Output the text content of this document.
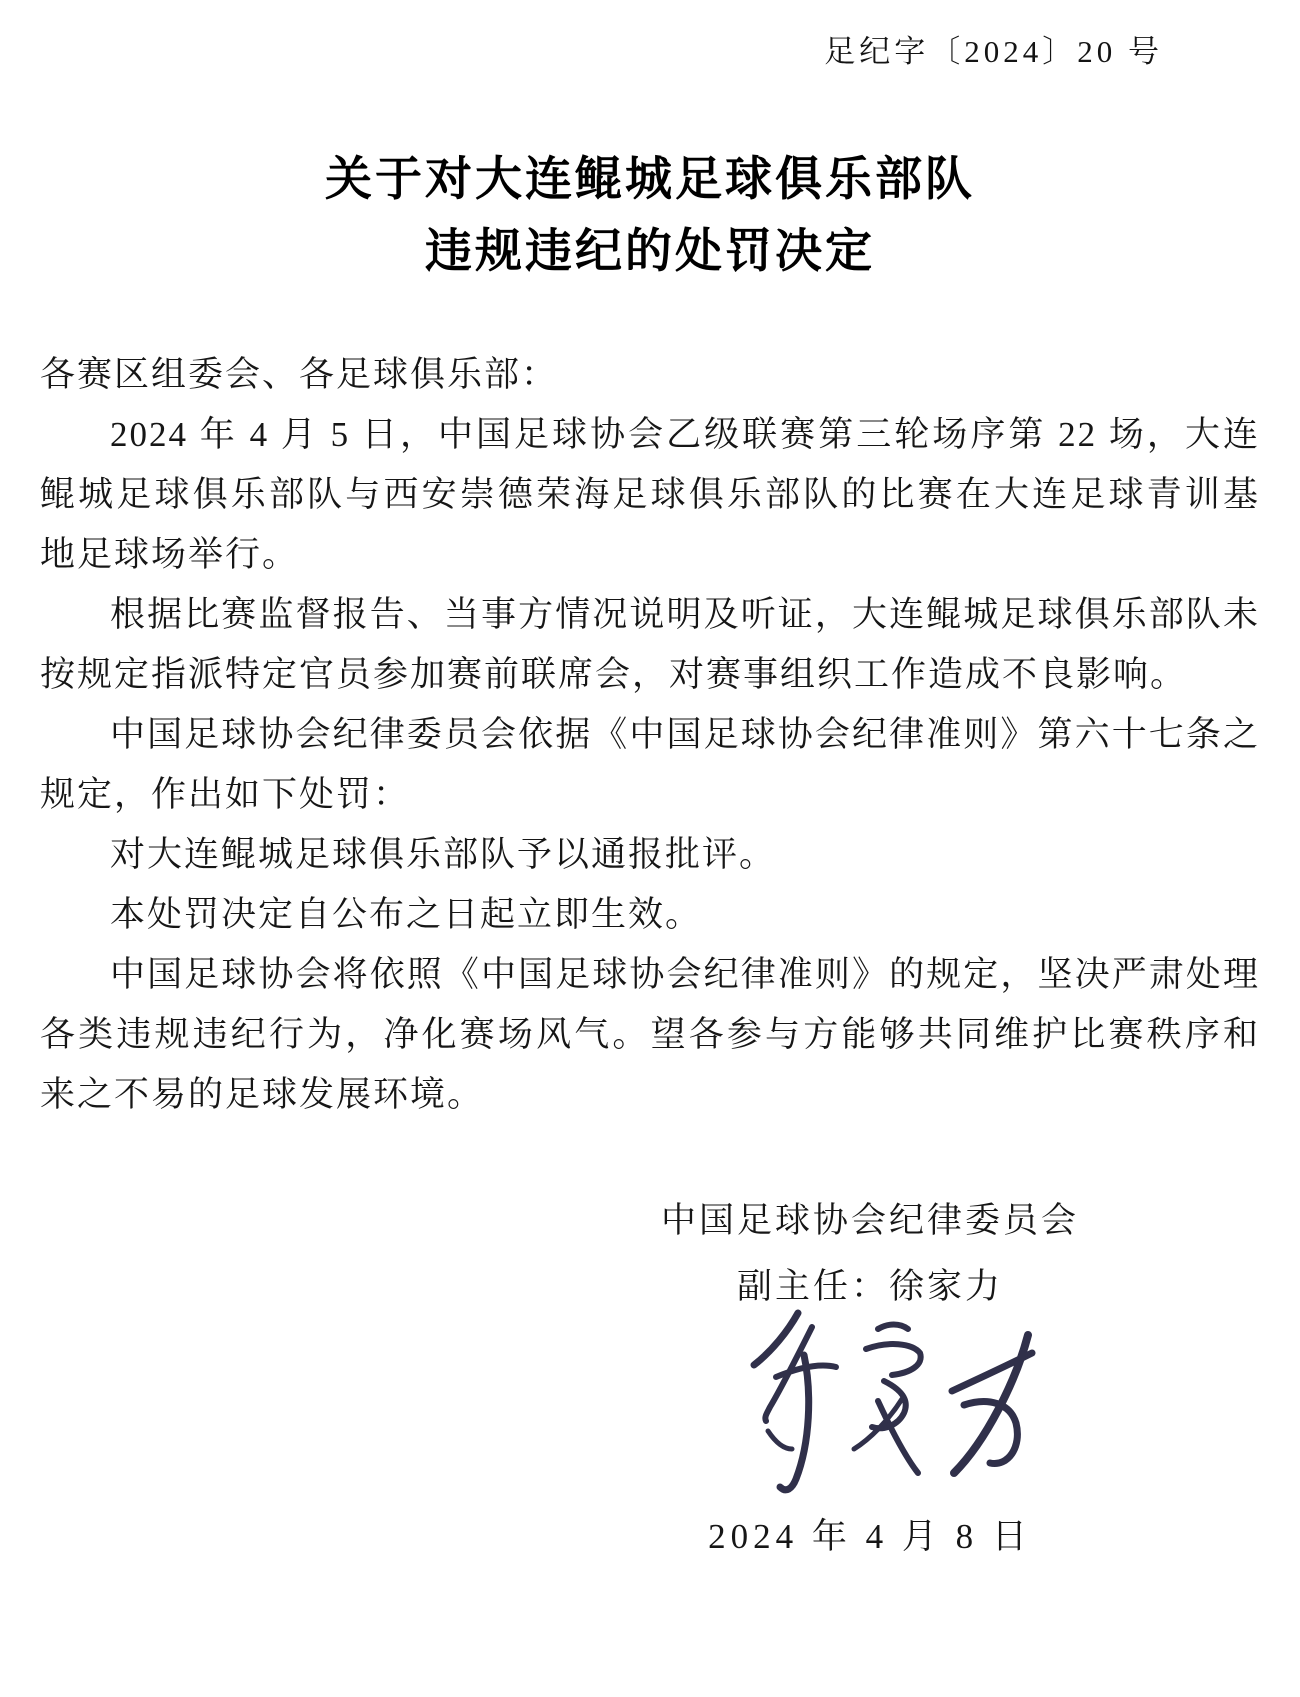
足纪字〔2024〕20 号
关于对大连鲲城足球俱乐部队
违规违纪的处罚决定

各赛区组委会、各足球俱乐部：

2024 年 4 月 5 日，中国足球协会乙级联赛第三轮场序第 22 场，大连鲲城足球俱乐部队与西安崇德荣海足球俱乐部队的比赛在大连足球青训基地足球场举行。

根据比赛监督报告、当事方情况说明及听证，大连鲲城足球俱乐部队未按规定指派特定官员参加赛前联席会，对赛事组织工作造成不良影响。

中国足球协会纪律委员会依据《中国足球协会纪律准则》第六十七条之规定，作出如下处罚：

对大连鲲城足球俱乐部队予以通报批评。

本处罚决定自公布之日起立即生效。

中国足球协会将依照《中国足球协会纪律准则》的规定，坚决严肃处理各类违规违纪行为，净化赛场风气。望各参与方能够共同维护比赛秩序和来之不易的足球发展环境。

中国足球协会纪律委员会
副主任：徐家力
2024 年 4 月 8 日
